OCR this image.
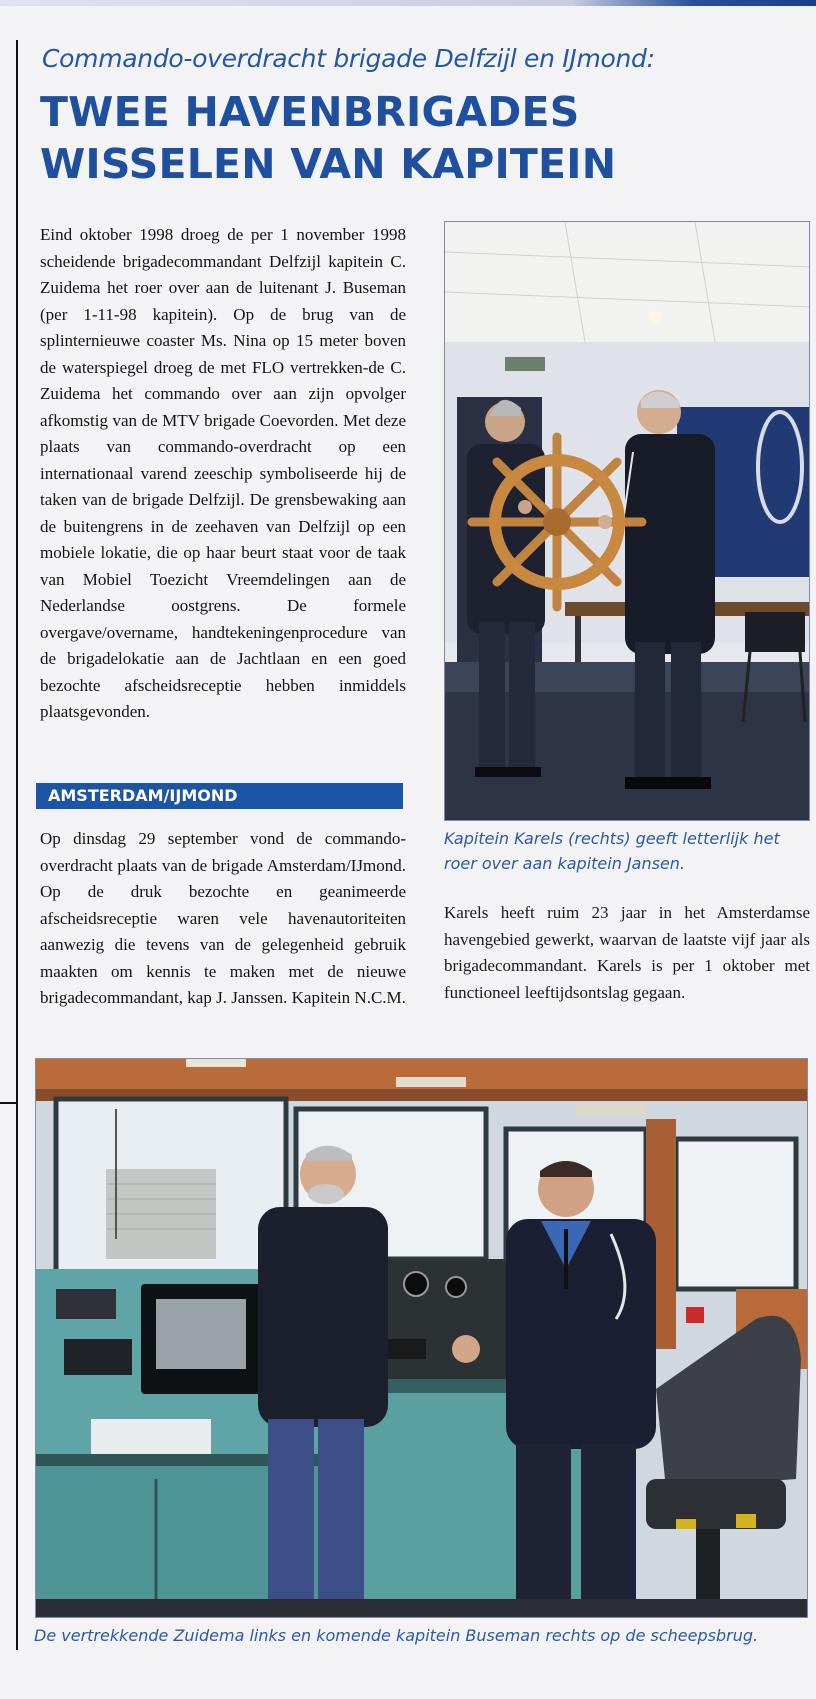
Commando-overdracht brigade Delfzijl en IJmond:
TWEE HAVENBRIGADES
WISSELEN VAN KAPITEIN

Eind oktober 1998 droeg de per 1 november 1998 scheidende brigadecommandant Delfzijl kapitein C. Zuidema het roer over aan de luitenant J. Buseman (per 1-11-98 kapitein). Op de brug van de splinternieuwe coaster Ms. Nina op 15 meter boven de waterspiegel droeg de met FLO vertrekken-de C. Zuidema het commando over aan zijn opvolger afkomstig van de MTV brigade Coevorden. Met deze plaats van commando-overdracht op een internationaal varend zeeschip symboliseerde hij de taken van de brigade Delfzijl. De grensbewaking aan de buitengrens in de zeehaven van Delfzijl op een mobiele lokatie, die op haar beurt staat voor de taak van Mobiel Toezicht Vreemdelingen aan de Nederlandse oostgrens. De formele overgave/overname, handtekeningenprocedure van de brigadelokatie aan de Jachtlaan en een goed bezochte afscheidsreceptie hebben inmiddels plaatsgevonden.

AMSTERDAM/IJMOND

Op dinsdag 29 september vond de commando-overdracht plaats van de brigade Amsterdam/IJmond. Op de druk bezochte en geanimeerde afscheidsreceptie waren vele havenautoriteiten aanwezig die tevens van de gelegenheid gebruik maakten om kennis te maken met de nieuwe brigadecommandant, kap J. Janssen. Kapitein N.C.M.

Kapitein Karels (rechts) geeft letterlijk het roer over aan kapitein Jansen.

Karels heeft ruim 23 jaar in het Amsterdamse havengebied gewerkt, waarvan de laatste vijf jaar als brigadecommandant. Karels is per 1 oktober met functioneel leeftijdsontslag gegaan.

De vertrekkende Zuidema links en komende kapitein Buseman rechts op de scheepsbrug.
